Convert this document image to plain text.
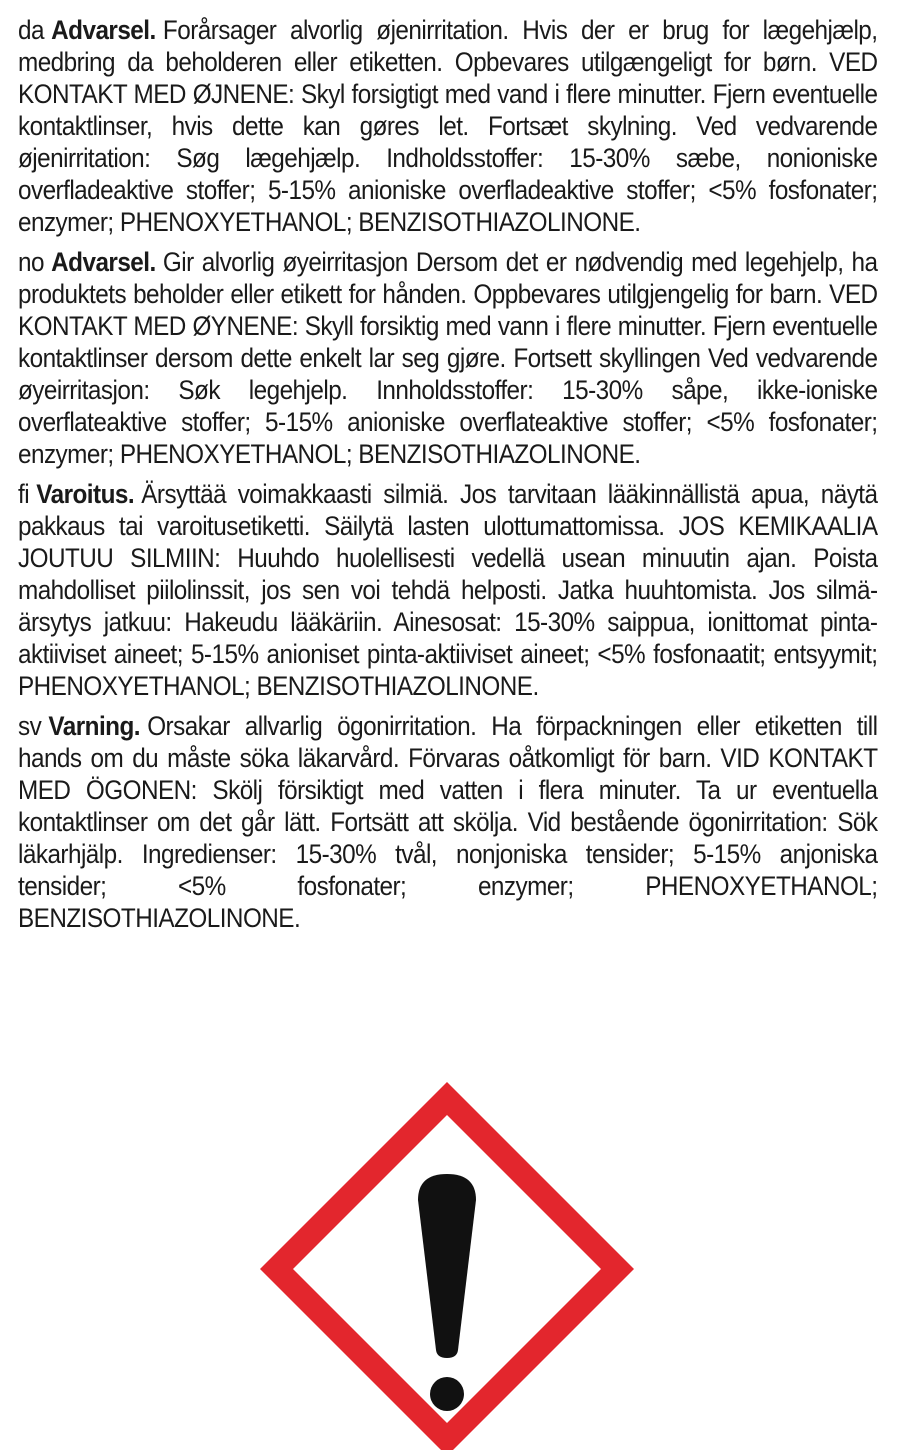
da Advarsel. Forårsager alvorlig øjenirritation. Hvis der er brug for lægehjælp, medbring da beholderen eller etiketten. Opbevares utilgængeligt for børn. VED KONTAKT MED ØJNENE: Skyl forsigtigt med vand i flere minutter. Fjern eventuelle kontaktlinser, hvis dette kan gøres let. Fortsæt skylning. Ved vedvarende øjenirritation: Søg lægehjælp. Indholdsstoffer: 15-30% sæbe, nonioniske overfladeaktive stoffer; 5-15% anioniske overfladeaktive stoffer; <5% fosfonater; enzymer; PHENOXYETHANOL; BENZISOTHIAZOLINONE.

no Advarsel. Gir alvorlig øyeirritasjon Dersom det er nødvendig med legehjelp, ha produktets beholder eller etikett for hånden. Oppbevares utilgjengelig for barn. VED KONTAKT MED ØYNENE: Skyll forsiktig med vann i flere minutter. Fjern eventuelle kontaktlinser dersom dette enkelt lar seg gjøre. Fortsett skyllingen Ved vedvarende øyeirritasjon: Søk legehjelp. Innholdsstoffer: 15-30% såpe, ikke-ioniske overflateaktive stoffer; 5-15% anioniske overflateaktive stoffer; <5% fosfonater; enzymer; PHENOXYETHANOL; BENZISOTHIAZOLINONE.

fi Varoitus. Ärsyttää voimakkaasti silmiä. Jos tarvitaan lääkinnällistä apua, näytä pakkaus tai varoitusetiketti. Säilytä lasten ulottumattomissa. JOS KEMIKAALIA JOUTUU SILMIIN: Huuhdo huolellisesti vedellä usean minuutin ajan. Poista mahdolliset piilolinssit, jos sen voi tehdä helposti. Jatka huuhtomista. Jos silmä-ärsytys jatkuu: Hakeudu lääkäriin. Ainesosat: 15-30% saippua, ionittomat pinta-aktiiviset aineet; 5-15% anioniset pinta-aktiiviset aineet; <5% fosfonaatit; entsyymit; PHENOXYETHANOL; BENZISOTHIAZOLINONE.

sv Varning. Orsakar allvarlig ögonirritation. Ha förpackningen eller etiketten till hands om du måste söka läkarvård. Förvaras oåtkomligt för barn. VID KONTAKT MED ÖGONEN: Skölj försiktigt med vatten i flera minuter. Ta ur eventuella kontaktlinser om det går lätt. Fortsätt att skölja. Vid bestående ögonirritation: Sök läkarhjälp. Ingredienser: 15-30% tvål, nonjoniska tensider; 5-15% anjoniska tensider; <5% fosfonater; enzymer; PHENOXYETHANOL; BENZISOTHIAZOLINONE.
